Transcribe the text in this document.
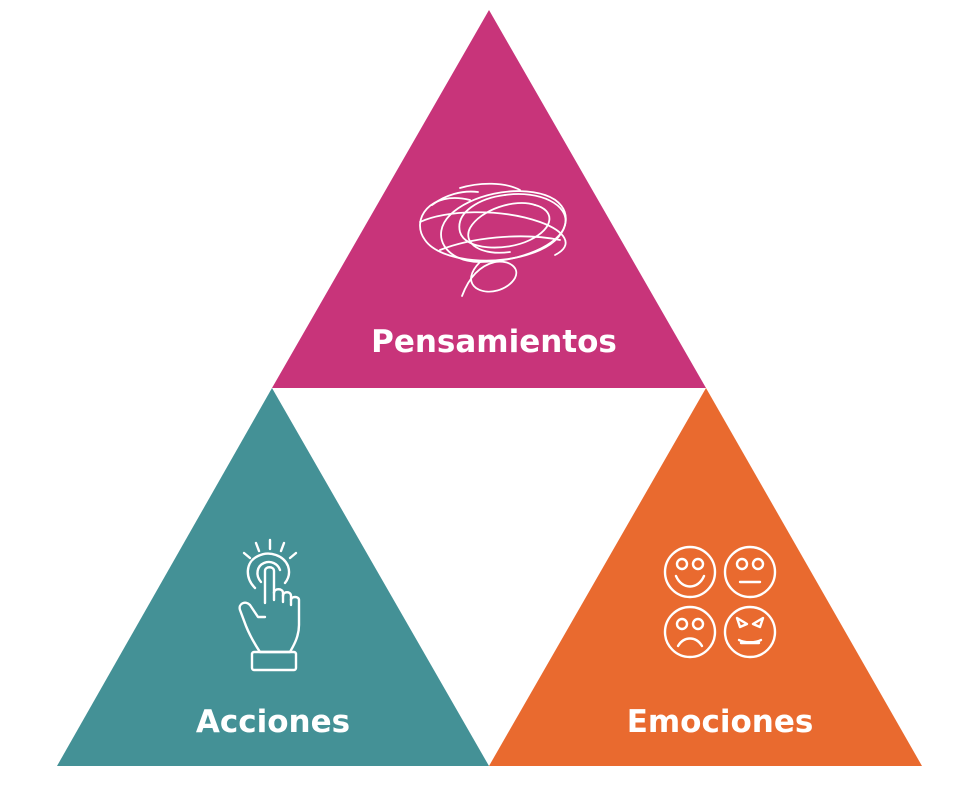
Pensamientos
Acciones	Emociones
